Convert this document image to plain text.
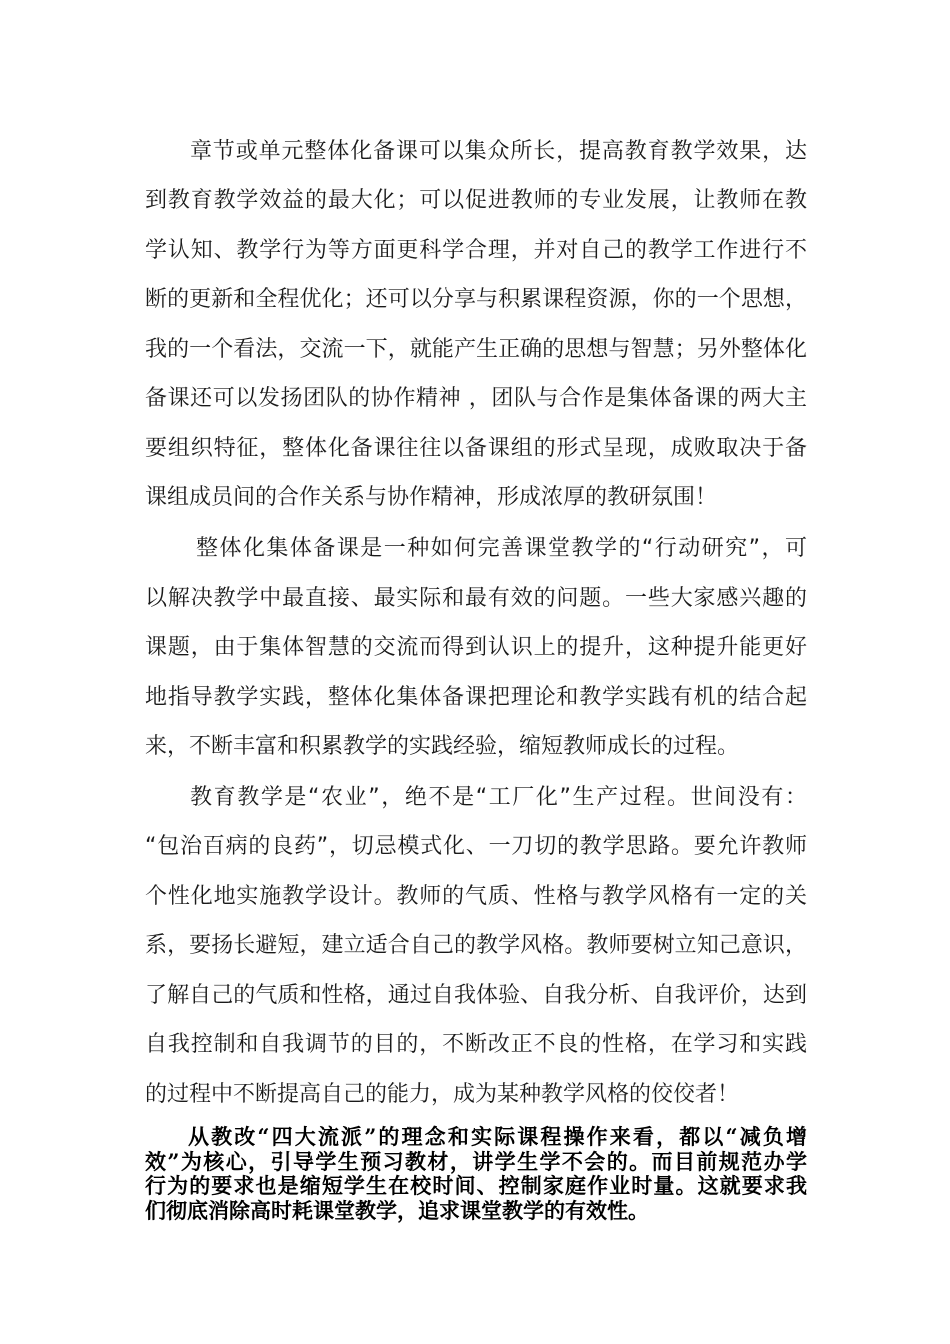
章节或单元整体化备课可以集众所长，提高教育教学效果，达
到教育教学效益的最大化；可以促进教师的专业发展，让教师在教
学认知、教学行为等方面更科学合理，并对自己的教学工作进行不
断的更新和全程优化；还可以分享与积累课程资源，你的一个思想，
我的一个看法，交流一下，就能产生正确的思想与智慧；另外整体化
备课还可以发扬团队的协作精神 ，团队与合作是集体备课的两大主
要组织特征，整体化备课往往以备课组的形式呈现，成败取决于备
课组成员间的合作关系与协作精神，形成浓厚的教研氛围！
整体化集体备课是一种如何完善课堂教学的“行动研究”，可
以解决教学中最直接、最实际和最有效的问题。一些大家感兴趣的
课题，由于集体智慧的交流而得到认识上的提升，这种提升能更好
地指导教学实践，整体化集体备课把理论和教学实践有机的结合起
来，不断丰富和积累教学的实践经验，缩短教师成长的过程。
教育教学是“农业”，绝不是“工厂化”生产过程。世间没有：
“包治百病的良药”，切忌模式化、一刀切的教学思路。要允许教师
个性化地实施教学设计。教师的气质、性格与教学风格有一定的关
系，要扬长避短，建立适合自己的教学风格。教师要树立知己意识，
了解自己的气质和性格，通过自我体验、自我分析、自我评价，达到
自我控制和自我调节的目的，不断改正不良的性格，在学习和实践
的过程中不断提高自己的能力，成为某种教学风格的佼佼者！
从教改“四大流派”的理念和实际课程操作来看，都以“减负增
效”为核心，引导学生预习教材，讲学生学不会的。而目前规范办学
行为的要求也是缩短学生在校时间、控制家庭作业时量。这就要求我
们彻底消除高时耗课堂教学，追求课堂教学的有效性。
